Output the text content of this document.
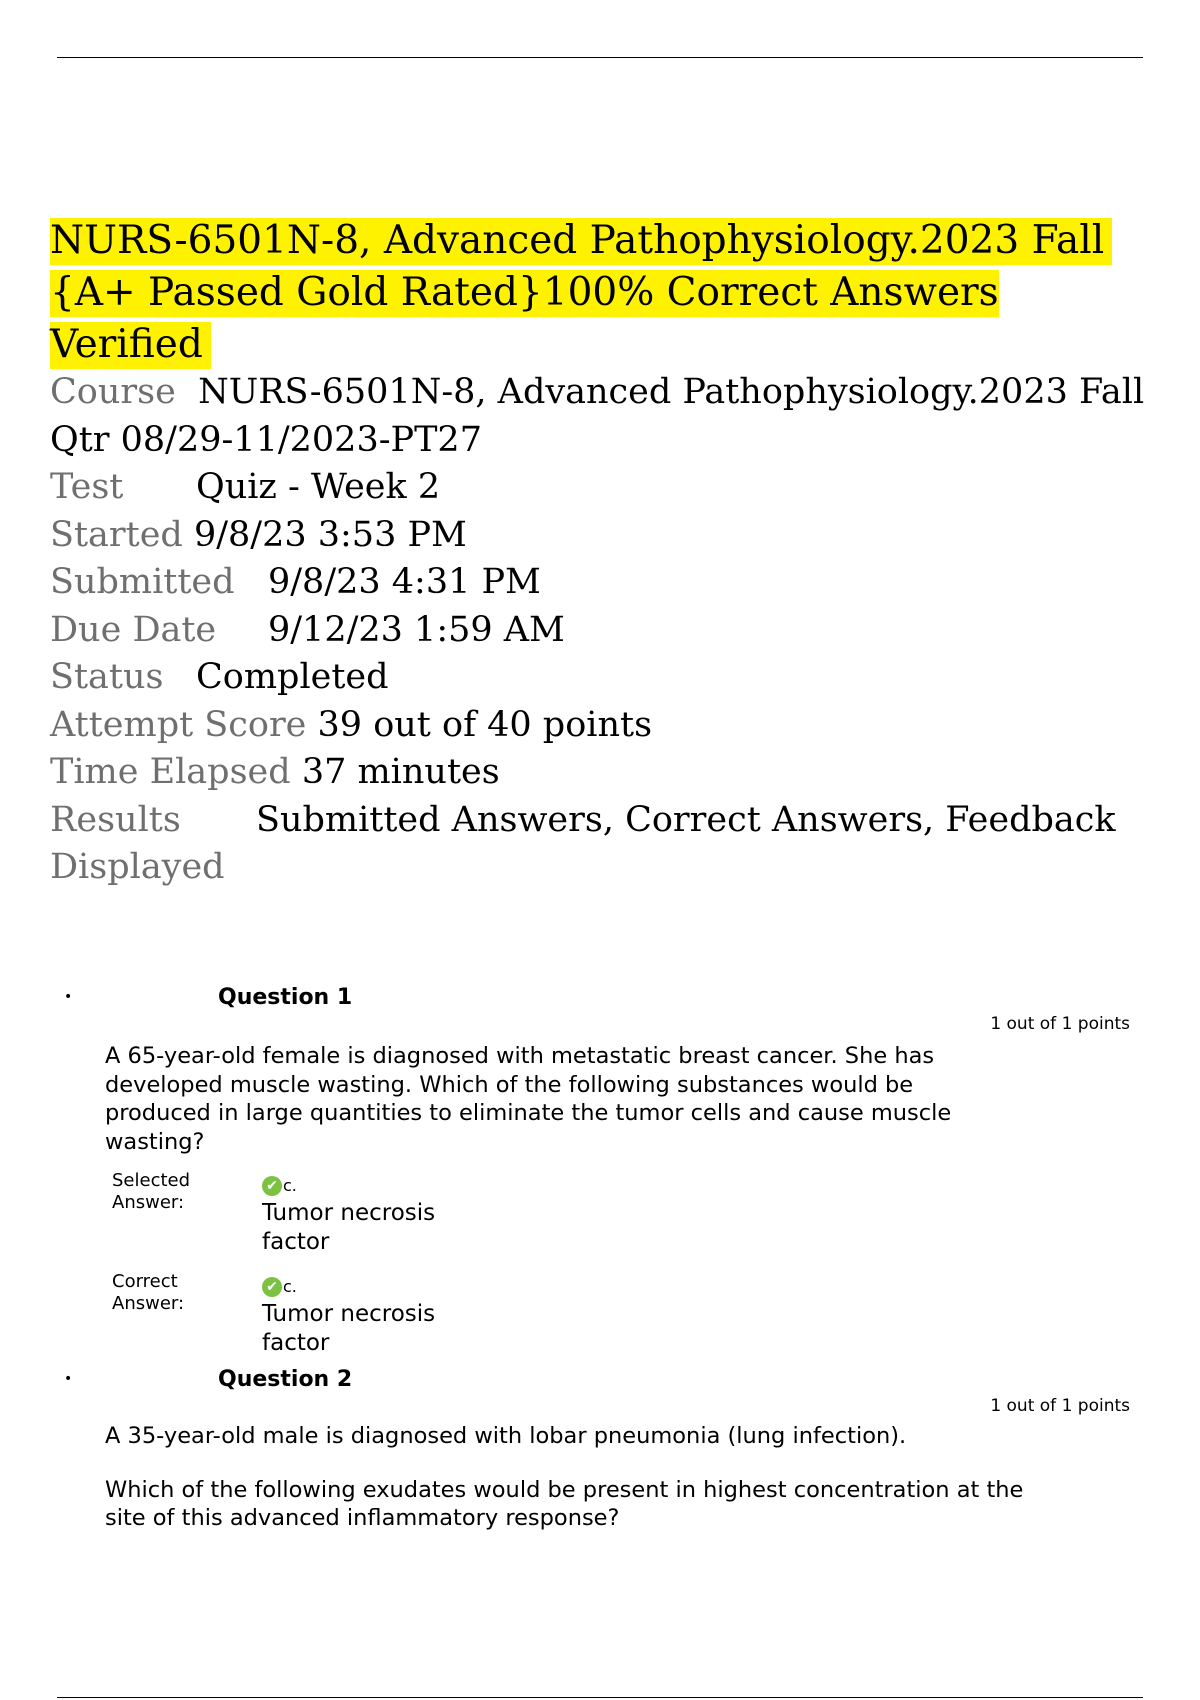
NURS-6501N-8, Advanced Pathophysiology.2023 Fall
{A+ Passed Gold Rated}100% Correct Answers Verified
Course NURS-6501N-8, Advanced Pathophysiology.2023 Fall Qtr 08/29-11/2023-PT27
Test Quiz - Week 2
Started 9/8/23 3:53 PM
Submitted 9/8/23 4:31 PM
Due Date 9/12/23 1:59 AM
Status Completed
Attempt Score 39 out of 40 points
Time Elapsed 37 minutes
Results Displayed
Submitted Answers, Correct Answers, Feedback
•	Question 1
1 out of 1 points

A 65-year-old female is diagnosed with metastatic breast cancer. She has developed muscle wasting. Which of the following substances would be produced in large quantities to eliminate the tumor cells and cause muscle wasting?

Selected Answer:
✔ c.
Tumor necrosis factor
Correct Answer:
✔ c.
Tumor necrosis factor
•	Question 2
1 out of 1 points

A 35-year-old male is diagnosed with lobar pneumonia (lung infection).

Which of the following exudates would be present in highest concentration at the site of this advanced inflammatory response?
